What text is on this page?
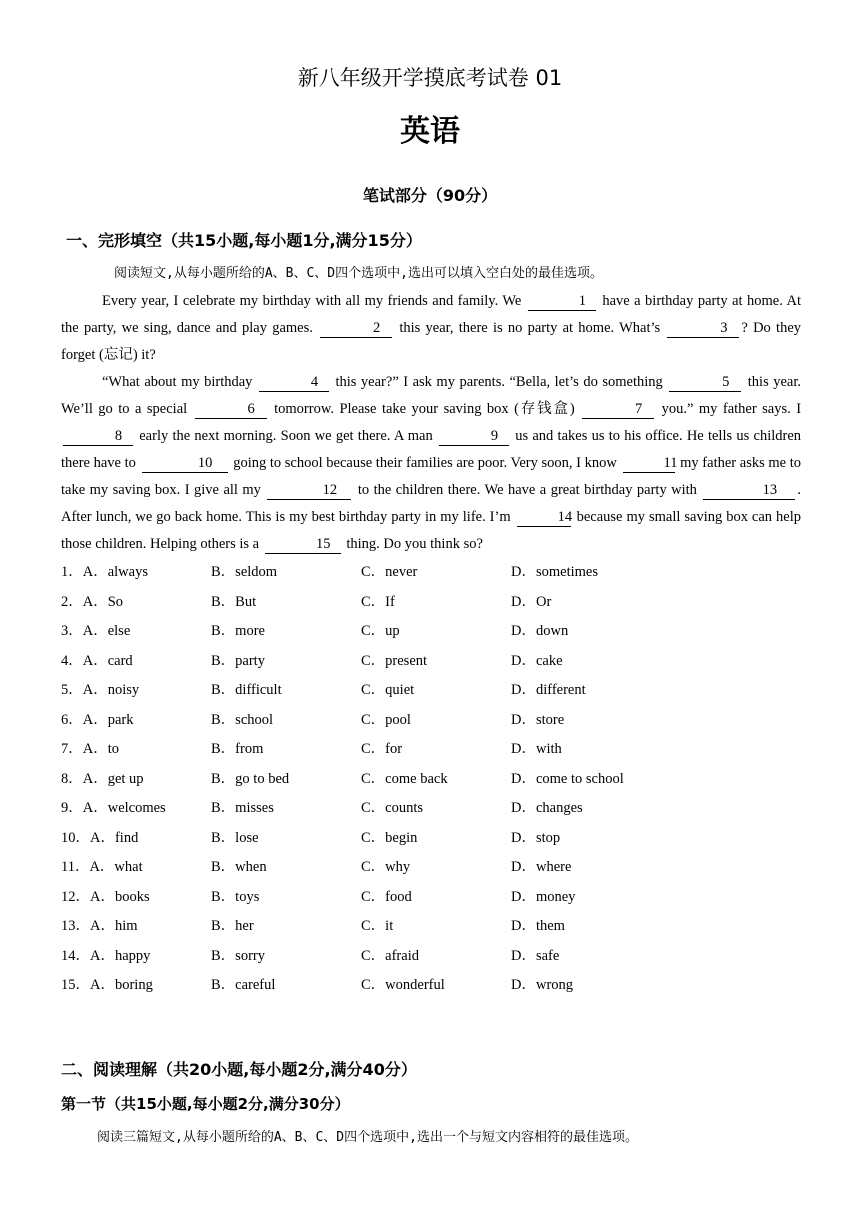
新八年级开学摸底考试卷 01
英语
笔试部分（90分）
一、完形填空（共15小题,每小题1分,满分15分）
阅读短文,从每小题所给的A、B、C、D四个选项中,选出可以填入空白处的最佳选项。

Every year, I celebrate my birthday with all my friends and family. We	1 have a birthday party at home. At the party, we sing, dance and play games.	2 this year, there is no party at home. What’s	3 ? Do they forget (忘记) it?

“What about my birthday	4 this year?” I ask my parents. “Bella, let’s do something	5 this year. We’ll go to a special	6 tomorrow. Please take your saving box (存钱盒)	7 you.” my father says. I 8 early the next morning. Soon we get there. A man	9 us and takes us to his office. He tells us children there have to	10 going to school because their families are poor. Very soon, I know	11 my father asks me to take my saving box. I give all my	12 to the children there. We have a great birthday party with	13 . After lunch, we go back home. This is my best birthday party in my life. I’m	14 because my small saving box can help those children. Helping others is a	15 thing. Do you think so?

1．A．always	B．seldom	C．never	D．sometimes
2．A．So	B．But	C．If	D．Or
3．A．else	B．more	C．up	D．down
4．A．card	B．party	C．present	D．cake
5．A．noisy	B．difficult	C．quiet	D．different
6．A．park	B．school	C．pool	D．store
7．A．to	B．from	C．for	D．with
8．A．get up	B．go to bed	C．come back	D．come to school
9．A．welcomes	B．misses	C．counts	D．changes
10．A．find	B．lose	C．begin	D．stop
11．A．what	B．when	C．why	D．where
12．A．books	B．toys	C．food	D．money
13．A．him	B．her	C．it	D．them
14．A．happy	B．sorry	C．afraid	D．safe
15．A．boring	B．careful	C．wonderful	D．wrong
二、阅读理解（共20小题,每小题2分,满分40分）
第一节（共15小题,每小题2分,满分30分）
阅读三篇短文,从每小题所给的A、B、C、D四个选项中,选出一个与短文内容相符的最佳选项。
